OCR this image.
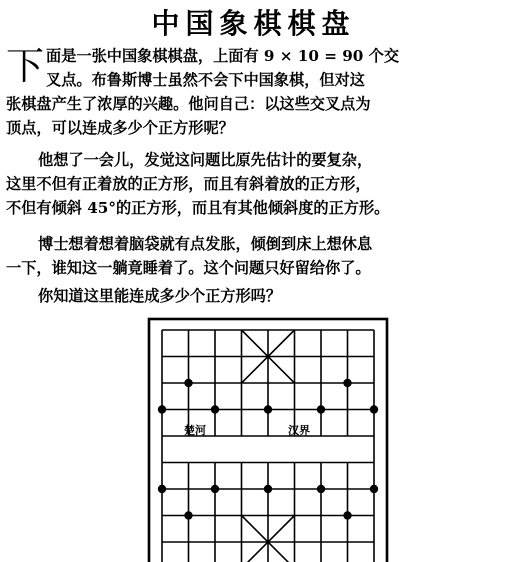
中国象棋棋盘
下 面是一张中国象棋棋盘，上面有 9 × 10 = 90 个交
叉点。布鲁斯博士虽然不会下中国象棋，但对这
张棋盘产生了浓厚的兴趣。他问自己：以这些交叉点为
顶点，可以连成多少个正方形呢？
他想了一会儿，发觉这问题比原先估计的要复杂，
这里不但有正着放的正方形，而且有斜着放的正方形，
不但有倾斜 45°的正方形，而且有其他倾斜度的正方形。
博士想着想着脑袋就有点发胀，倾倒到床上想休息
一下，谁知这一躺竟睡着了。这个问题只好留给你了。
你知道这里能连成多少个正方形吗？
楚河	汉界
